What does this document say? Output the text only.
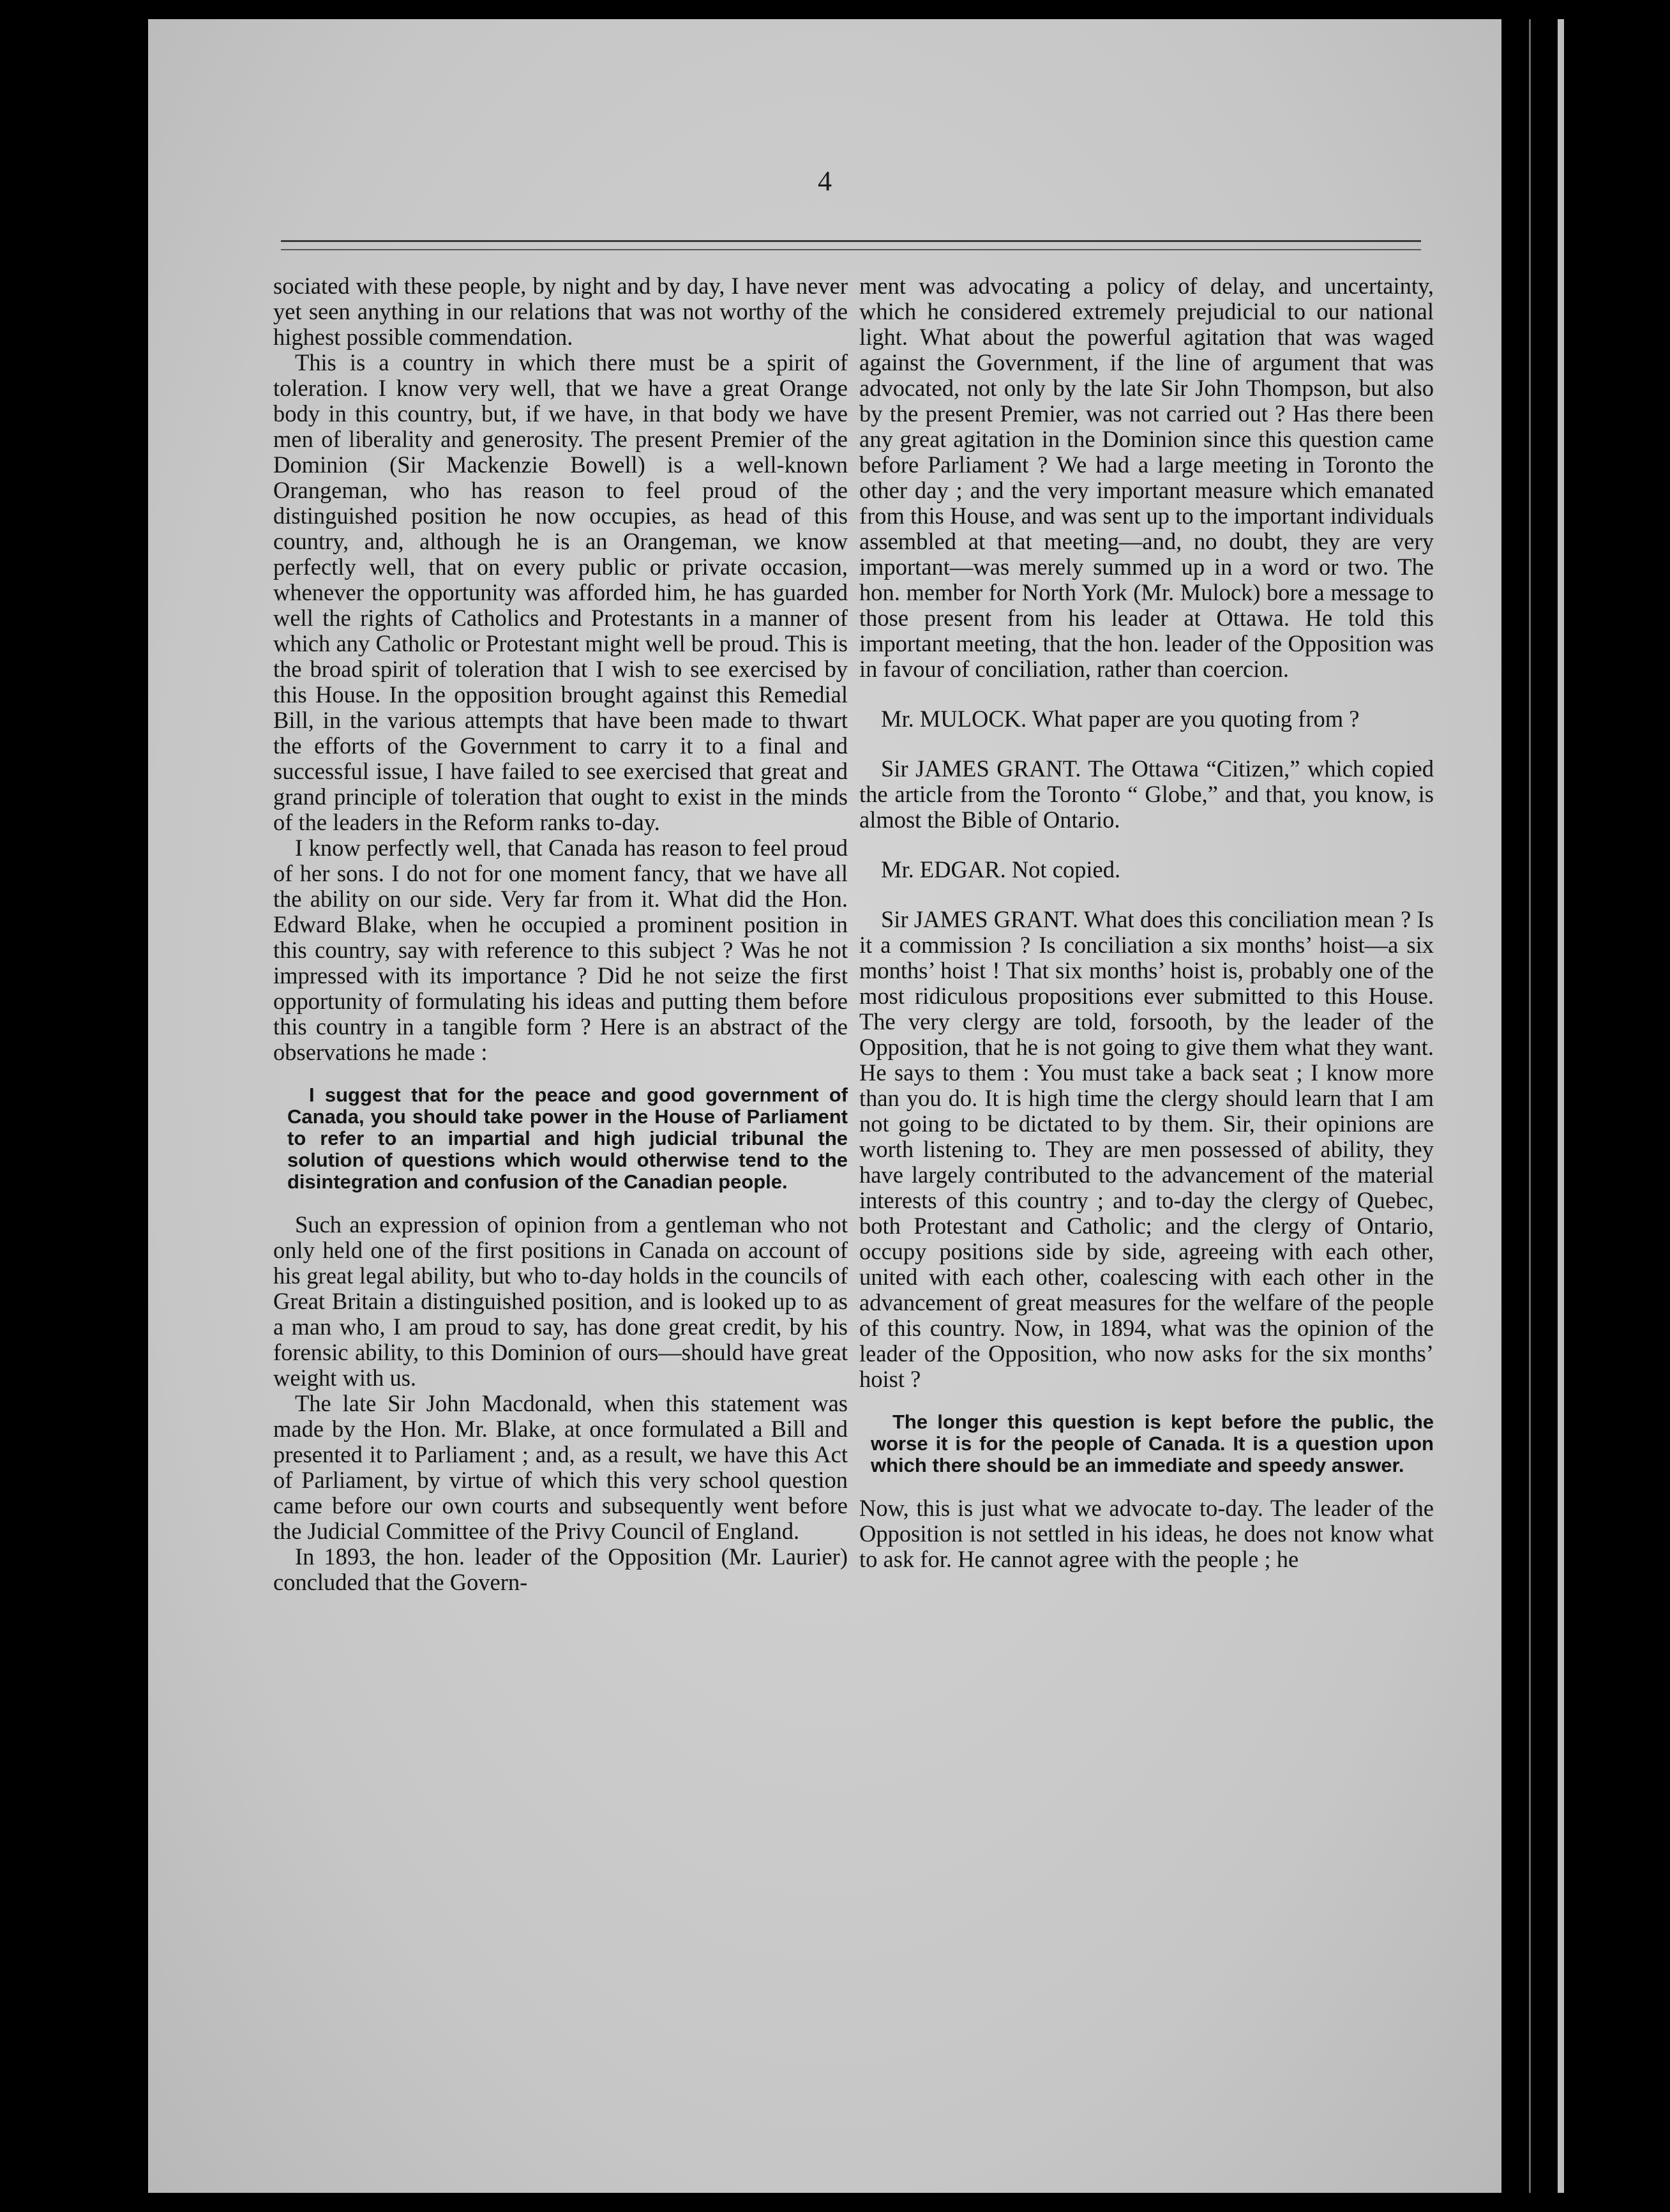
4

sociated with these people, by night and by day, I have never yet seen anything in our relations that was not worthy of the highest possible commendation.

This is a country in which there must be a spirit of toleration. I know very well, that we have a great Orange body in this country, but, if we have, in that body we have men of liberality and generosity. The present Premier of the Dominion (Sir Mackenzie Bowell) is a well-known Orangeman, who has reason to feel proud of the distinguished position he now occupies, as head of this country, and, although he is an Orangeman, we know perfectly well, that on every public or private occasion, whenever the opportunity was afforded him, he has guarded well the rights of Catholics and Protestants in a manner of which any Catholic or Protestant might well be proud. This is the broad spirit of toleration that I wish to see exercised by this House. In the opposition brought against this Remedial Bill, in the various attempts that have been made to thwart the efforts of the Government to carry it to a final and successful issue, I have failed to see exercised that great and grand principle of toleration that ought to exist in the minds of the leaders in the Reform ranks to-day.

I know perfectly well, that Canada has reason to feel proud of her sons. I do not for one moment fancy, that we have all the ability on our side. Very far from it. What did the Hon. Edward Blake, when he occupied a prominent position in this country, say with reference to this subject ? Was he not impressed with its importance ? Did he not seize the first opportunity of formulating his ideas and putting them before this country in a tangible form ? Here is an abstract of the observations he made :

I suggest that for the peace and good government of Canada, you should take power in the House of Parliament to refer to an impartial and high judicial tribunal the solution of questions which would otherwise tend to the disintegration and confusion of the Canadian people.

Such an expression of opinion from a gentleman who not only held one of the first positions in Canada on account of his great legal ability, but who to-day holds in the councils of Great Britain a distinguished position, and is looked up to as a man who, I am proud to say, has done great credit, by his forensic ability, to this Dominion of ours—should have great weight with us.

The late Sir John Macdonald, when this statement was made by the Hon. Mr. Blake, at once formulated a Bill and presented it to Parliament ; and, as a result, we have this Act of Parliament, by virtue of which this very school question came before our own courts and subsequently went before the Judicial Committee of the Privy Council of England.

In 1893, the hon. leader of the Opposition (Mr. Laurier) concluded that the Govern-

ment was advocating a policy of delay, and uncertainty, which he considered extremely prejudicial to our national light. What about the powerful agitation that was waged against the Government, if the line of argument that was advocated, not only by the late Sir John Thompson, but also by the present Premier, was not carried out ? Has there been any great agitation in the Dominion since this question came before Parliament ? We had a large meeting in Toronto the other day ; and the very important measure which emanated from this House, and was sent up to the important individuals assembled at that meeting—and, no doubt, they are very important—was merely summed up in a word or two. The hon. member for North York (Mr. Mulock) bore a message to those present from his leader at Ottawa. He told this important meeting, that the hon. leader of the Opposition was in favour of conciliation, rather than coercion.

Mr. MULOCK. What paper are you quoting from ?

Sir JAMES GRANT. The Ottawa “Citizen,” which copied the article from the Toronto “ Globe,” and that, you know, is almost the Bible of Ontario.

Mr. EDGAR. Not copied.

Sir JAMES GRANT. What does this conciliation mean ? Is it a commission ? Is conciliation a six months’ hoist—a six months’ hoist ! That six months’ hoist is, probably one of the most ridiculous propositions ever submitted to this House. The very clergy are told, forsooth, by the leader of the Opposition, that he is not going to give them what they want. He says to them : You must take a back seat ; I know more than you do. It is high time the clergy should learn that I am not going to be dictated to by them. Sir, their opinions are worth listening to. They are men possessed of ability, they have largely contributed to the advancement of the material interests of this country ; and to-day the clergy of Quebec, both Protestant and Catholic; and the clergy of Ontario, occupy positions side by side, agreeing with each other, united with each other, coalescing with each other in the advancement of great measures for the welfare of the people of this country. Now, in 1894, what was the opinion of the leader of the Opposition, who now asks for the six months’ hoist ?

The longer this question is kept before the public, the worse it is for the people of Canada. It is a question upon which there should be an immediate and speedy answer.

Now, this is just what we advocate to-day. The leader of the Opposition is not settled in his ideas, he does not know what to ask for. He cannot agree with the people ; he
